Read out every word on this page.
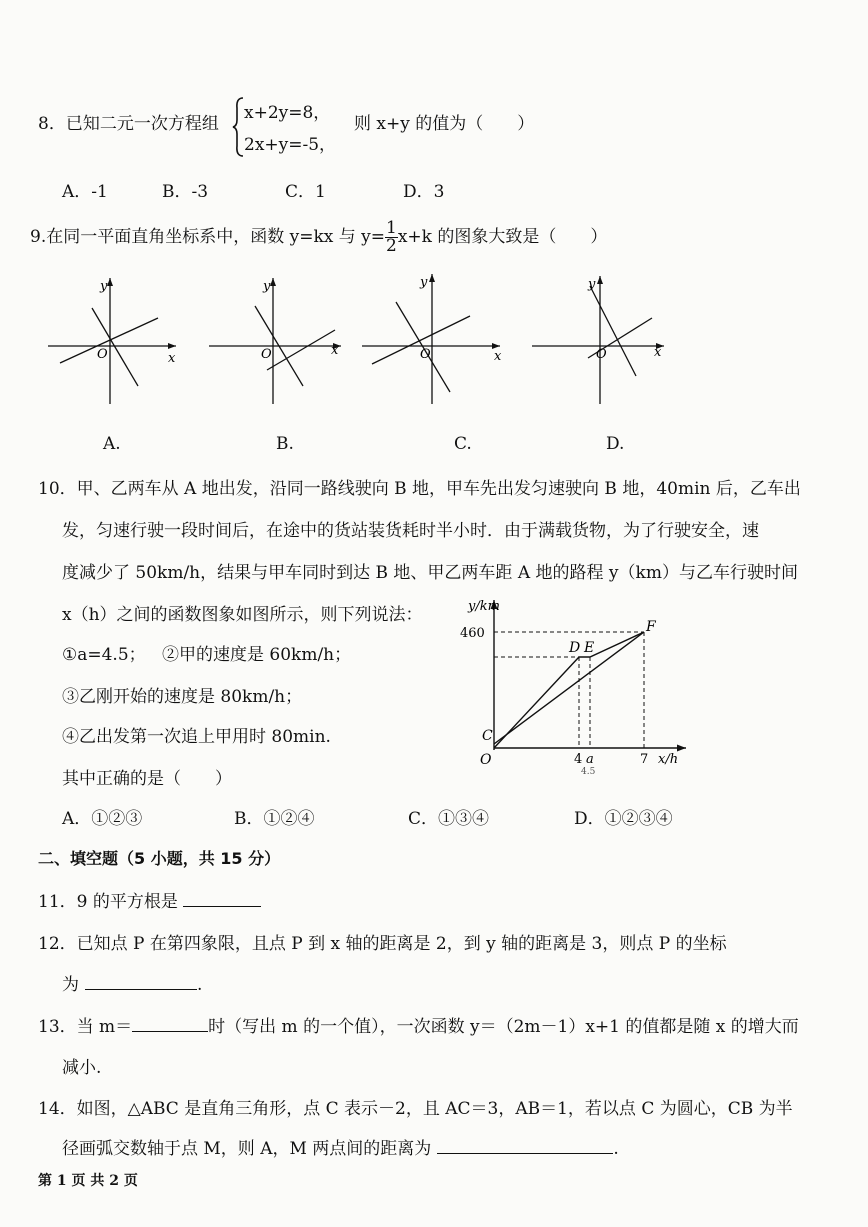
8．已知二元一次方程组
x+2y=8，
2x+y=-5，
则 x+y 的值为（　　）
A．-1	B．-3	C．1	D．3
9.在同一平面直角坐标系中，函数 y=kx 与 $y= \frac{1}{2} x+k$ 的图象大致是（　　）
y
x
O
y
x
O
y
x
O
y
x
O
A.	B.	C.	D.
10．甲、乙两车从 A 地出发，沿同一路线驶向 B 地，甲车先出发匀速驶向 B 地，40min 后，乙车出
发，匀速行驶一段时间后，在途中的货站装货耗时半小时．由于满载货物，为了行驶安全，速
度减少了 50km/h，结果与甲车同时到达 B 地、甲乙两车距 A 地的路程 y（km）与乙车行驶时间
x（h）之间的函数图象如图所示，则下列说法：
①a=4.5； ②甲的速度是 60km/h；
③乙刚开始的速度是 80km/h；
④乙出发第一次追上甲用时 80min.
其中正确的是（　　）
y/km
460	F
D E
C
O	4 a
4.5
7 x/h
A．①②③	B．①②④	C．①③④	D．①②③④
二、填空题（5 小题，共 15 分）
11．9 的平方根是
12．已知点 P 在第四象限，且点 P 到 x 轴的距离是 2，到 y 轴的距离是 3，则点 P 的坐标
为	.
13．当 m＝	时（写出 m 的一个值），一次函数 y＝（2m－1）x+1 的值都是随 x 的增大而
减小.
14．如图，△ABC 是直角三角形，点 C 表示－2，且 AC＝3，AB＝1，若以点 C 为圆心，CB 为半
径画弧交数轴于点 M，则 A，M 两点间的距离为	.
第 1 页 共 2 页
